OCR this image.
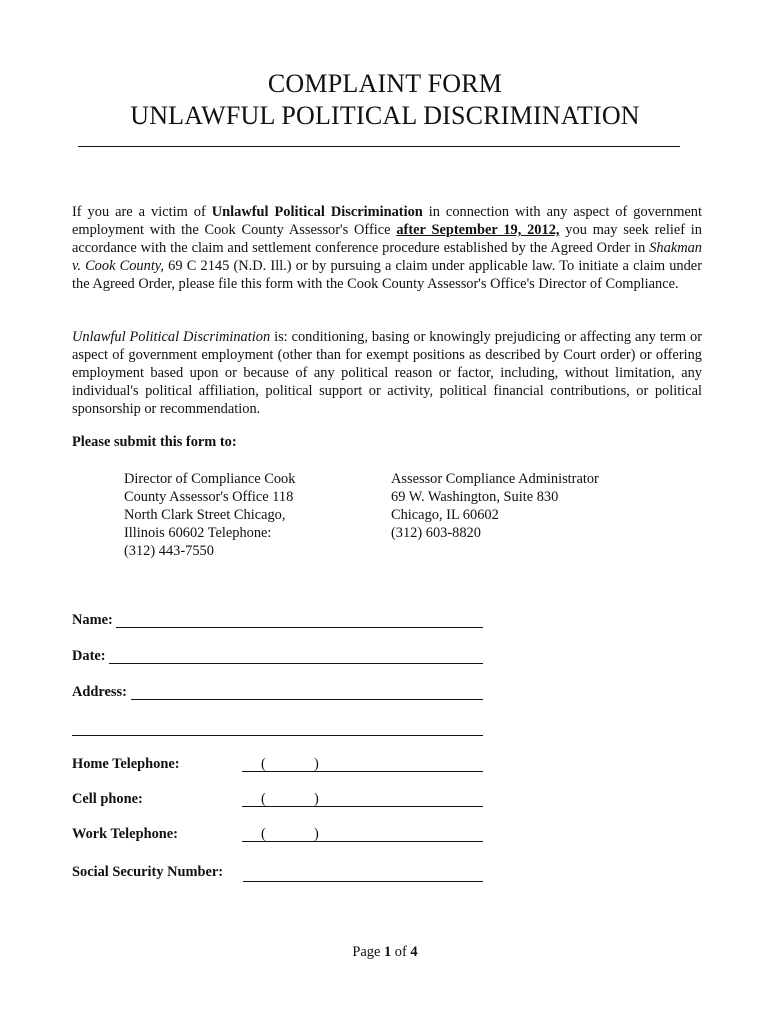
COMPLAINT FORM
UNLAWFUL POLITICAL DISCRIMINATION
If you are a victim of Unlawful Political Discrimination in connection with any aspect of government employment with the Cook County Assessor's Office after September 19, 2012, you may seek relief in accordance with the claim and settlement conference procedure established by the Agreed Order in Shakman v. Cook County, 69 C 2145 (N.D. Ill.) or by pursuing a claim under applicable law. To initiate a claim under the Agreed Order, please file this form with the Cook County Assessor's Office's Director of Compliance.
Unlawful Political Discrimination is: conditioning, basing or knowingly prejudicing or affecting any term or aspect of government employment (other than for exempt positions as described by Court order) or offering employment based upon or because of any political reason or factor, including, without limitation, any individual's political affiliation, political support or activity, political financial contributions, or political sponsorship or recommendation.
Please submit this form to:
Director of Compliance Cook
County Assessor's Office 118
North Clark Street Chicago,
Illinois 60602 Telephone:
(312) 443-7550
Assessor Compliance Administrator
69 W. Washington, Suite 830
Chicago, IL 60602
(312) 603-8820
Name:
Date:
Address:
Home Telephone:	(	)
Cell phone:	(	)
Work Telephone:	(	)
Social Security Number:
Page 1 of 4
